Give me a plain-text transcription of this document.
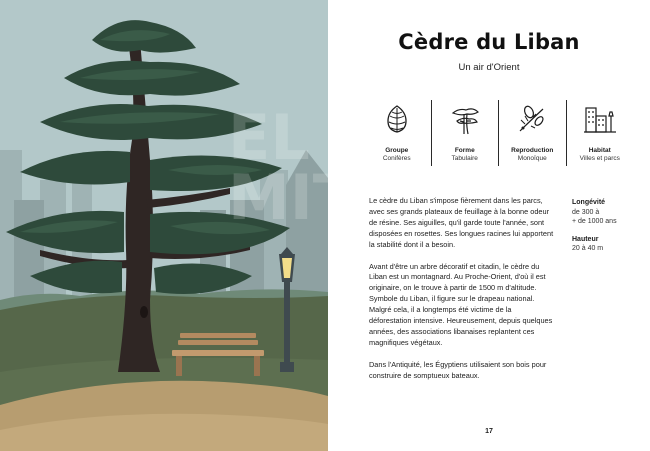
Cèdre du Liban
Un air d'Orient
Groupe
Conifères
Forme
Tabulaire
Reproduction
Monoïque
Habitat
Villes et parcs

Le cèdre du Liban s'impose fièrement dans les parcs, avec ses grands plateaux de feuillage à la bonne odeur de résine. Ses aiguilles, qu'il garde toute l'année, sont disposées en rosettes. Ses longues racines lui apportent la stabilité dont il a besoin.

Avant d'être un arbre décoratif et citadin, le cèdre du Liban est un montagnard. Au Proche-Orient, d'où il est originaire, on le trouve à partir de 1500 m d'altitude. Symbole du Liban, il figure sur le drapeau national. Malgré cela, il a longtemps été victime de la déforestation intensive. Heureusement, depuis quelques années, des associations libanaises replantent ces magnifiques végétaux.

Dans l'Antiquité, les Égyptiens utilisaient son bois pour construire de somptueux bateaux.

Longévité
de 300 à
+ de 1000 ans
Hauteur
20 à 40 m
17
